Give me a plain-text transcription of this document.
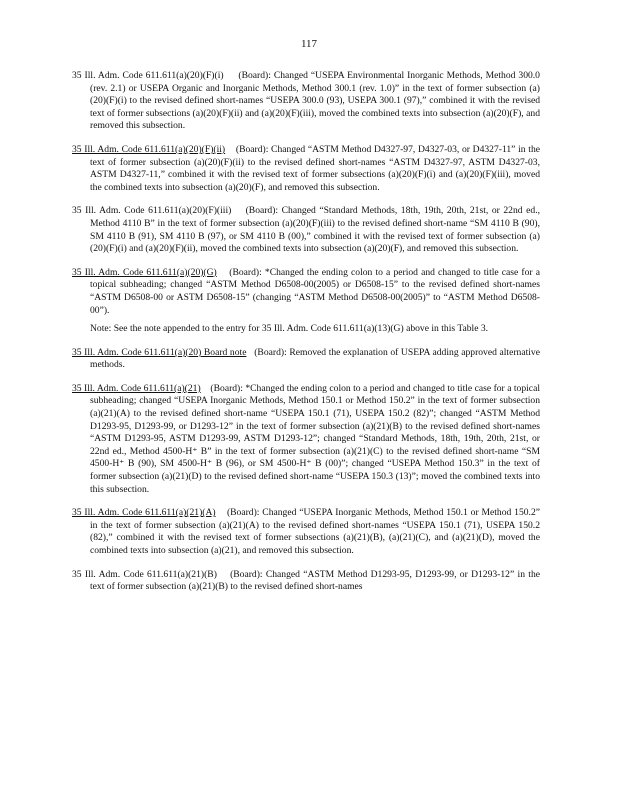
117
35 Ill. Adm. Code 611.611(a)(20)(F)(i) (Board): Changed “USEPA Environmental Inorganic Methods, Method 300.0 (rev. 2.1) or USEPA Organic and Inorganic Methods, Method 300.1 (rev. 1.0)” in the text of former subsection (a)(20)(F)(i) to the revised defined short-names “USEPA 300.0 (93), USEPA 300.1 (97),” combined it with the revised text of former subsections (a)(20)(F)(ii) and (a)(20)(F)(iii), moved the combined texts into subsection (a)(20)(F), and removed this subsection.
35 Ill. Adm. Code 611.611(a)(20)(F)(ii) (Board): Changed “ASTM Method D4327-97, D4327-03, or D4327-11” in the text of former subsection (a)(20)(F)(ii) to the revised defined short-names “ASTM D4327-97, ASTM D4327-03, ASTM D4327-11,” combined it with the revised text of former subsections (a)(20)(F)(i) and (a)(20)(F)(iii), moved the combined texts into subsection (a)(20)(F), and removed this subsection.
35 Ill. Adm. Code 611.611(a)(20)(F)(iii) (Board): Changed “Standard Methods, 18th, 19th, 20th, 21st, or 22nd ed., Method 4110 B” in the text of former subsection (a)(20)(F)(iii) to the revised defined short-name “SM 4110 B (90), SM 4110 B (91), SM 4110 B (97), or SM 4110 B (00),” combined it with the revised text of former subsection (a)(20)(F)(i) and (a)(20)(F)(ii), moved the combined texts into subsection (a)(20)(F), and removed this subsection.
35 Ill. Adm. Code 611.611(a)(20)(G) (Board): *Changed the ending colon to a period and changed to title case for a topical subheading; changed “ASTM Method D6508-00(2005) or D6508-15” to the revised defined short-names “ASTM D6508-00 or ASTM D6508-15” (changing “ASTM Method D6508-00(2005)” to “ASTM Method D6508-00”).
Note: See the note appended to the entry for 35 Ill. Adm. Code 611.611(a)(13)(G) above in this Table 3.
35 Ill. Adm. Code 611.611(a)(20) Board note (Board): Removed the explanation of USEPA adding approved alternative methods.
35 Ill. Adm. Code 611.611(a)(21) (Board): *Changed the ending colon to a period and changed to title case for a topical subheading; changed “USEPA Inorganic Methods, Method 150.1 or Method 150.2” in the text of former subsection (a)(21)(A) to the revised defined short-name “USEPA 150.1 (71), USEPA 150.2 (82)”; changed “ASTM Method D1293-95, D1293-99, or D1293-12” in the text of former subsection (a)(21)(B) to the revised defined short-names “ASTM D1293-95, ASTM D1293-99, ASTM D1293-12”; changed “Standard Methods, 18th, 19th, 20th, 21st, or 22nd ed., Method 4500-H⁺ B” in the text of former subsection (a)(21)(C) to the revised defined short-name “SM 4500-H⁺ B (90), SM 4500-H⁺ B (96), or SM 4500-H⁺ B (00)”; changed “USEPA Method 150.3” in the text of former subsection (a)(21)(D) to the revised defined short-name “USEPA 150.3 (13)”; moved the combined texts into this subsection.
35 Ill. Adm. Code 611.611(a)(21)(A) (Board): Changed “USEPA Inorganic Methods, Method 150.1 or Method 150.2” in the text of former subsection (a)(21)(A) to the revised defined short-names “USEPA 150.1 (71), USEPA 150.2 (82),” combined it with the revised text of former subsections (a)(21)(B), (a)(21)(C), and (a)(21)(D), moved the combined texts into subsection (a)(21), and removed this subsection.
35 Ill. Adm. Code 611.611(a)(21)(B) (Board): Changed “ASTM Method D1293-95, D1293-99, or D1293-12” in the text of former subsection (a)(21)(B) to the revised defined short-names
